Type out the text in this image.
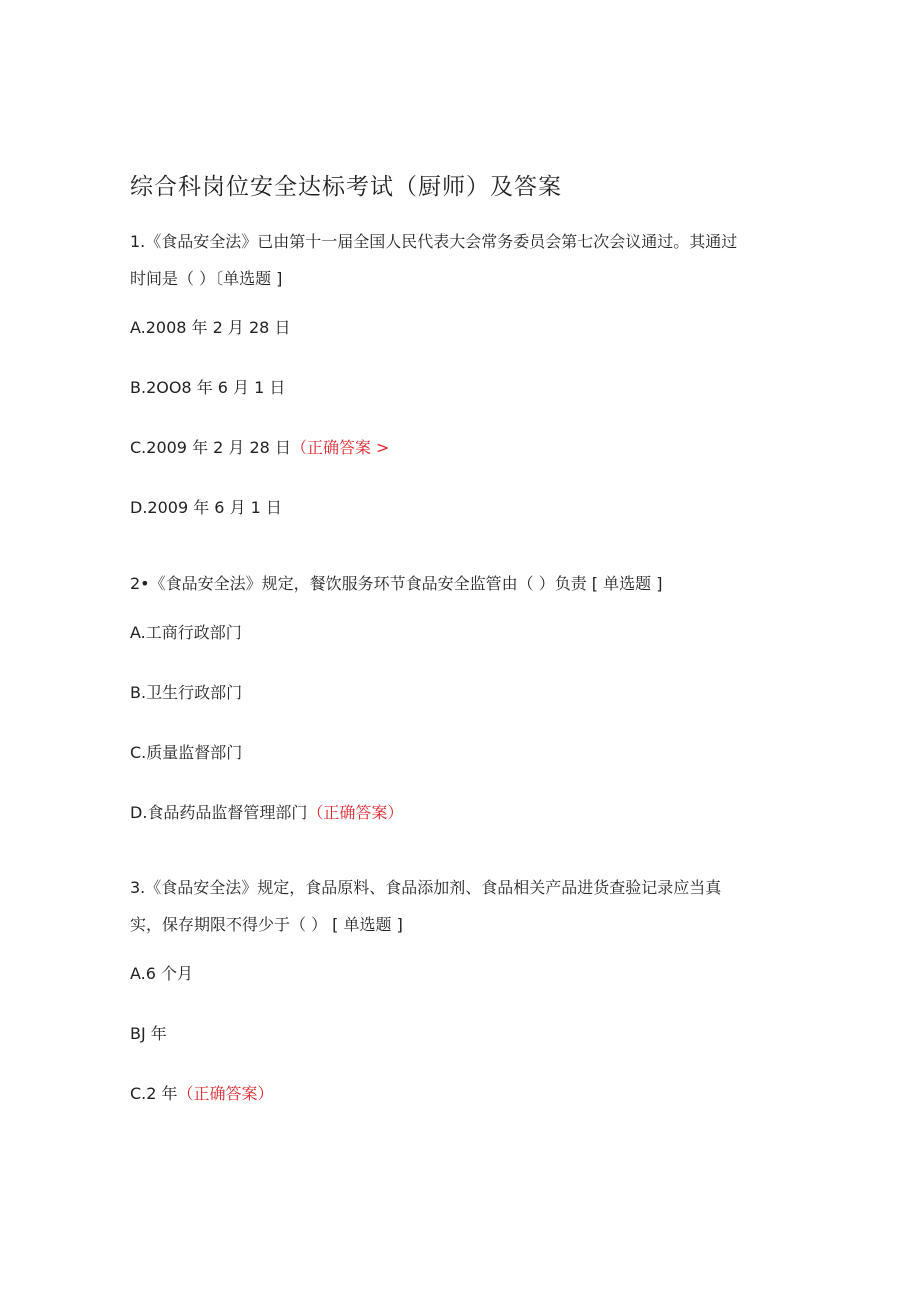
综合科岗位安全达标考试（厨师）及答案
1.《食品安全法》已由第十一届全国人民代表大会常务委员会第七次会议通过。其通过
时间是（ ）〔单选题 ]
A.2008 年 2 月 28 日
B.2OO8 年 6 月 1 日
C.2009 年 2 月 28 日（正确答案 >
D.2009 年 6 月 1 日
2•《食品安全法》规定，餐饮服务环节食品安全监管由（ ）负责 [ 单选题 ]
A.工商行政部门
B.卫生行政部门
C.质量监督部门
D.食品药品监督管理部门（正确答案）
3.《食品安全法》规定，食品原料、食品添加剂、食品相关产品进货查验记录应当真
实，保存期限不得少于（ ） [ 单选题 ]
A.6 个月
BJ 年
C.2 年（正确答案）
